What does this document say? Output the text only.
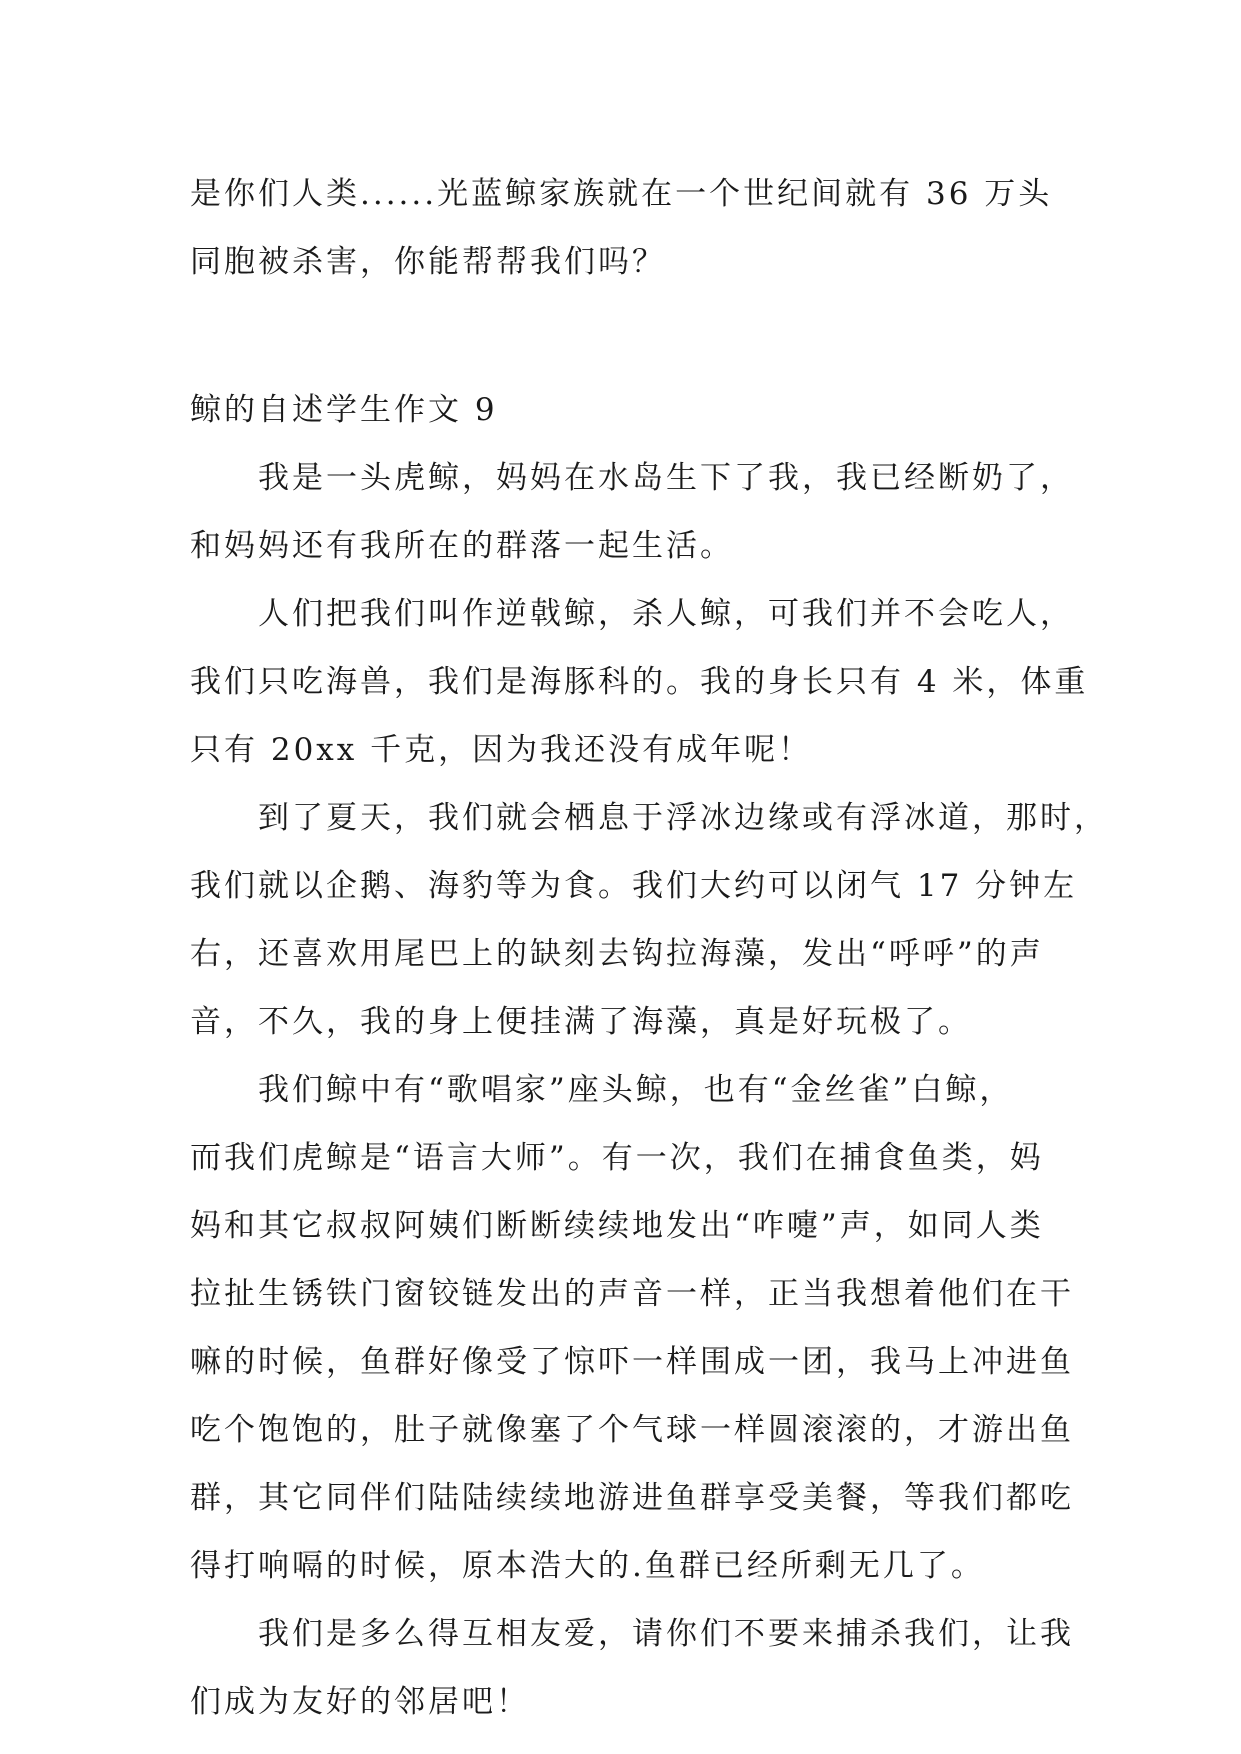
是你们人类......光蓝鲸家族就在一个世纪间就有 36 万头
同胞被杀害，你能帮帮我们吗？
鲸的自述学生作文 9
我是一头虎鲸，妈妈在水岛生下了我，我已经断奶了，
和妈妈还有我所在的群落一起生活。
人们把我们叫作逆戟鲸，杀人鲸，可我们并不会吃人，
我们只吃海兽，我们是海豚科的。我的身长只有 4 米，体重
只有 20xx 千克，因为我还没有成年呢！
到了夏天，我们就会栖息于浮冰边缘或有浮冰道，那时，
我们就以企鹅、海豹等为食。我们大约可以闭气 17 分钟左
右，还喜欢用尾巴上的缺刻去钩拉海藻，发出“呼呼”的声
音，不久，我的身上便挂满了海藻，真是好玩极了。
我们鲸中有“歌唱家”座头鲸，也有“金丝雀”白鲸，
而我们虎鲸是“语言大师”。有一次，我们在捕食鱼类，妈
妈和其它叔叔阿姨们断断续续地发出“咋嚏”声，如同人类
拉扯生锈铁门窗铰链发出的声音一样，正当我想着他们在干
嘛的时候，鱼群好像受了惊吓一样围成一团，我马上冲进鱼
吃个饱饱的，肚子就像塞了个气球一样圆滚滚的，才游出鱼
群，其它同伴们陆陆续续地游进鱼群享受美餐，等我们都吃
得打响嗝的时候，原本浩大的.鱼群已经所剩无几了。
我们是多么得互相友爱，请你们不要来捕杀我们，让我
们成为友好的邻居吧！
